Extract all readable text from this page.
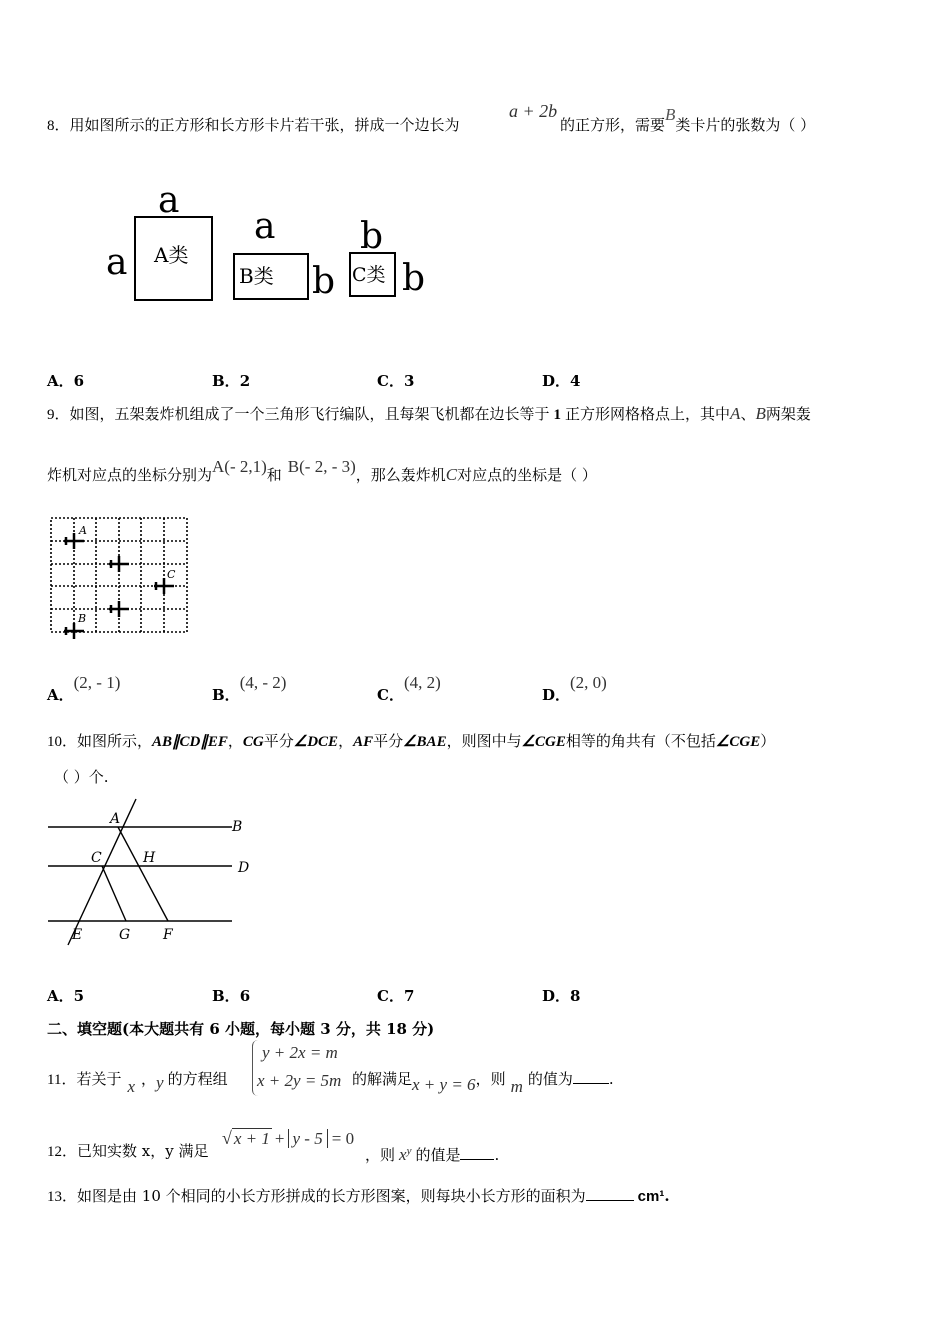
8．用如图所示的正方形和长方形卡片若干张，拼成一个边长为
a + 2b
的正方形，需要B类卡片的张数为（ ）
a
a A类
a
B类 b
b
C类 b
A．6	B．2	C．3	D．4
9．如图，五架轰炸机组成了一个三角形飞行编队，且每架飞机都在边长等于 1 正方形网格格点上，其中A、B两架轰
炸机对应点的坐标分别为A(- 2,1)和 B(- 2, - 3)，那么轰炸机C对应点的坐标是（ ）
A
C
B
A．(2, - 1)
B．(4, - 2)
C．(4, 2)
D．(2, 0)
10．如图所示，AB∥CD∥EF，CG平分∠DCE，AF平分∠BAE，则图中与∠CGE相等的角共有（不包括∠CGE）
（ ）个.
A	B
C	H
D
E	G F
A．5	B．6	C．7	D．8
二、填空题(本大题共有 6 小题，每小题 3 分，共 18 分)
11．若关于 x ，y 的方程组
y + 2x = m
x + 2y = 5m 的解满足x + y = 6，则 m 的值为 .
12．已知实数 x，y 满足
√ x + 1 + y - 5 = 0
，则 $x^y$ 的值是 .
13．如图是由 10 个相同的小长方形拼成的长方形图案，则每块小长方形的面积为	cm¹.
